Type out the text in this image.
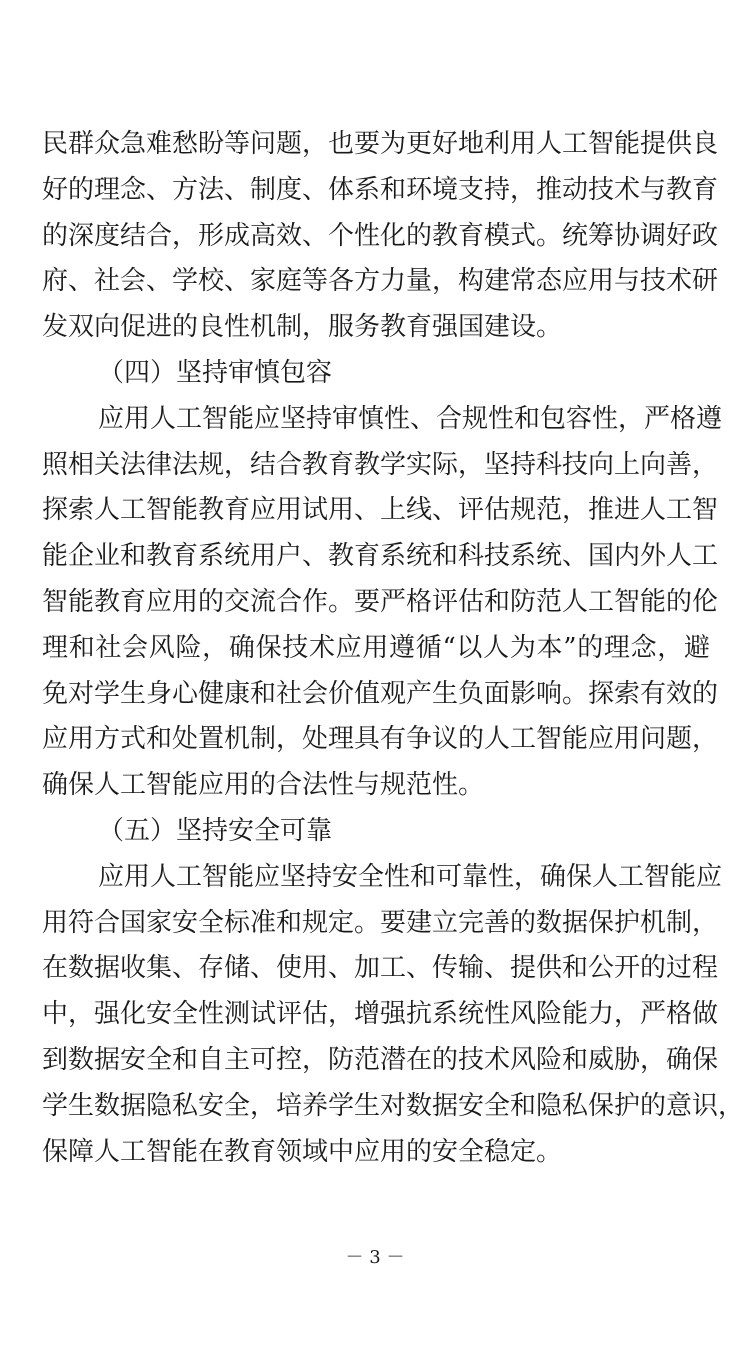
民群众急难愁盼等问题，也要为更好地利用人工智能提供良
好的理念、方法、制度、体系和环境支持，推动技术与教育
的深度结合，形成高效、个性化的教育模式。统筹协调好政
府、社会、学校、家庭等各方力量，构建常态应用与技术研
发双向促进的良性机制，服务教育强国建设。
（四）坚持审慎包容
应用人工智能应坚持审慎性、合规性和包容性，严格遵
照相关法律法规，结合教育教学实际，坚持科技向上向善，
探索人工智能教育应用试用、上线、评估规范，推进人工智
能企业和教育系统用户、教育系统和科技系统、国内外人工
智能教育应用的交流合作。要严格评估和防范人工智能的伦
理和社会风险，确保技术应用遵循“以人为本”的理念，避
免对学生身心健康和社会价值观产生负面影响。探索有效的
应用方式和处置机制，处理具有争议的人工智能应用问题，
确保人工智能应用的合法性与规范性。
（五）坚持安全可靠
应用人工智能应坚持安全性和可靠性，确保人工智能应
用符合国家安全标准和规定。要建立完善的数据保护机制，
在数据收集、存储、使用、加工、传输、提供和公开的过程
中，强化安全性测试评估，增强抗系统性风险能力，严格做
到数据安全和自主可控，防范潜在的技术风险和威胁，确保
学生数据隐私安全，培养学生对数据安全和隐私保护的意识，
保障人工智能在教育领域中应用的安全稳定。
－ 3 －
